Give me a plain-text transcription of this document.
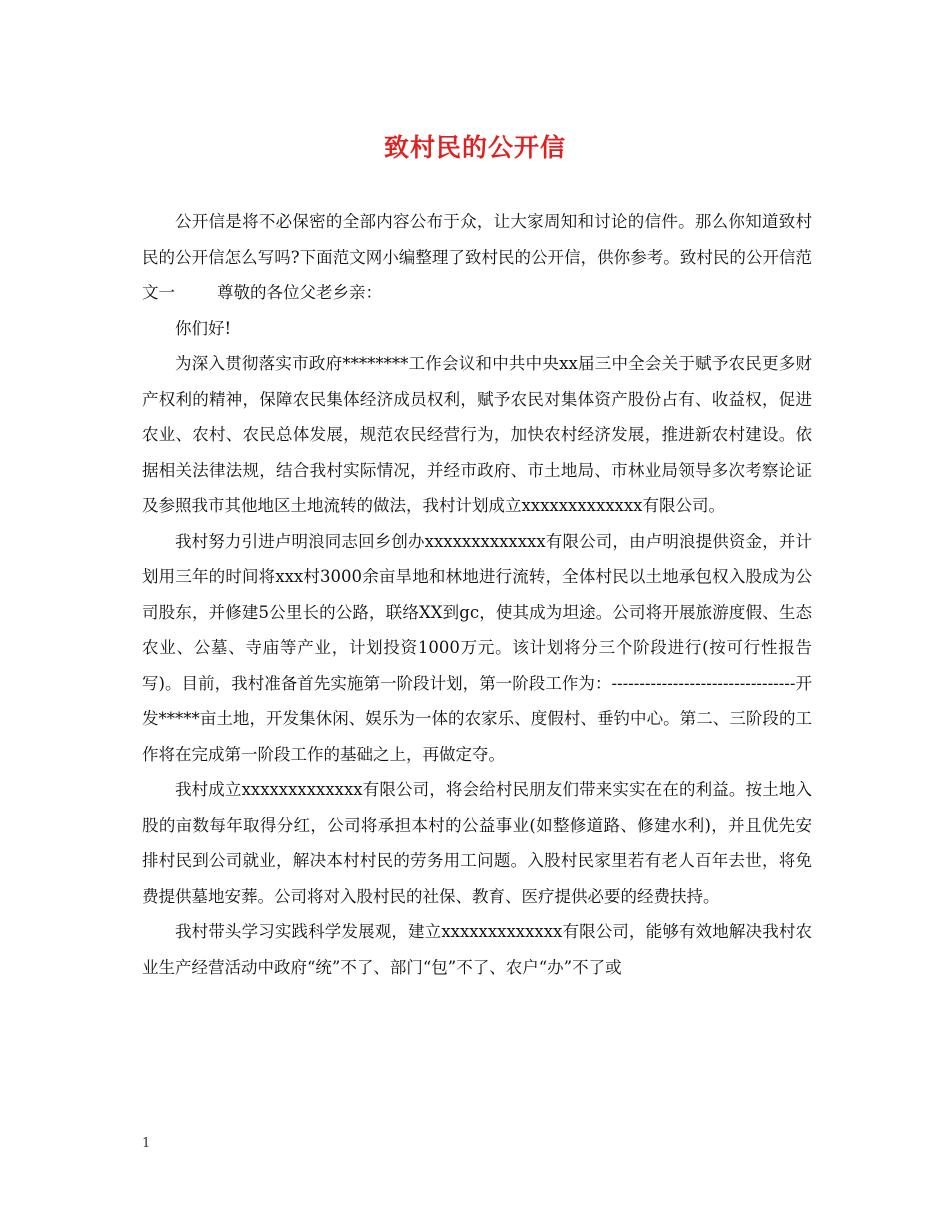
致村民的公开信

公开信是将不必保密的全部内容公布于众，让大家周知和讨论的信件。那么你知道致村民的公开信怎么写吗?下面范文网小编整理了致村民的公开信，供你参考。致村民的公开信范文一	尊敬的各位父老乡亲：

你们好!

为深入贯彻落实市政府********工作会议和中共中央xx届三中全会关于赋予农民更多财产权利的精神，保障农民集体经济成员权利，赋予农民对集体资产股份占有、收益权，促进农业、农村、农民总体发展，规范农民经营行为，加快农村经济发展，推进新农村建设。依据相关法律法规，结合我村实际情况，并经市政府、市土地局、市林业局领导多次考察论证及参照我市其他地区土地流转的做法，我村计划成立xxxxxxxxxxxxx有限公司。

我村努力引进卢明浪同志回乡创办xxxxxxxxxxxxx有限公司，由卢明浪提供资金，并计划用三年的时间将xxx村3000余亩旱地和林地进行流转，全体村民以土地承包权入股成为公司股东，并修建5公里长的公路，联络XX到gc，使其成为坦途。公司将开展旅游度假、生态农业、公墓、寺庙等产业，计划投资1000万元。该计划将分三个阶段进行(按可行性报告写)。目前，我村准备首先实施第一阶段计划，第一阶段工作为：---------------------------------开发*****亩土地，开发集休闲、娱乐为一体的农家乐、度假村、垂钓中心。第二、三阶段的工作将在完成第一阶段工作的基础之上，再做定夺。

我村成立xxxxxxxxxxxxx有限公司，将会给村民朋友们带来实实在在的利益。按土地入股的亩数每年取得分红，公司将承担本村的公益事业(如整修道路、修建水利)，并且优先安排村民到公司就业，解决本村村民的劳务用工问题。入股村民家里若有老人百年去世，将免费提供墓地安葬。公司将对入股村民的社保、教育、医疗提供必要的经费扶持。

我村带头学习实践科学发展观，建立xxxxxxxxxxxxx有限公司，能够有效地解决我村农业生产经营活动中政府“统”不了、部门“包”不了、农户“办”不了或

1
